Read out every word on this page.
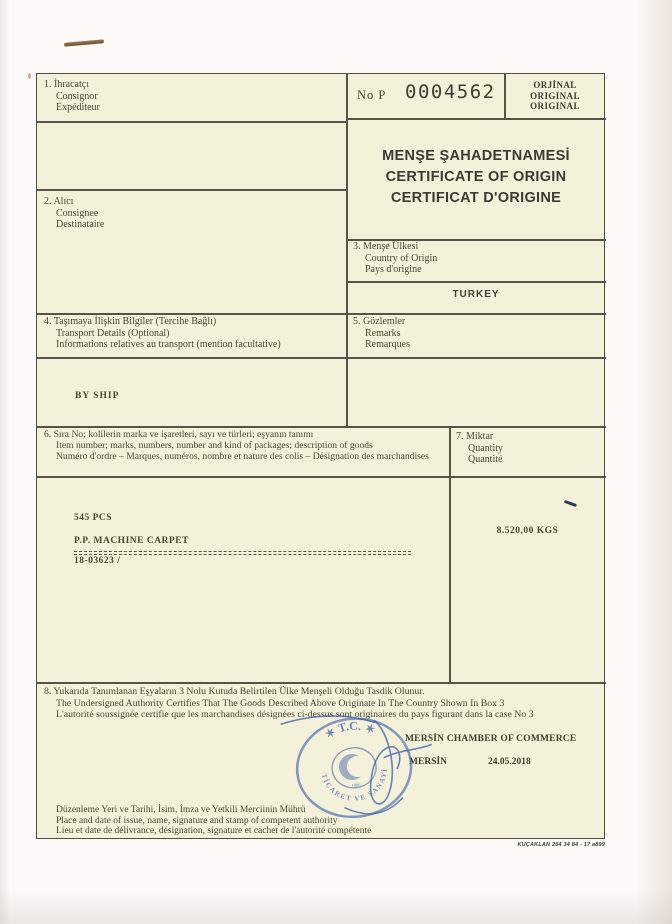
No P 0004562	ORJİNAL
ORIGINAL
ORIGINAL
MENŞE ŞAHADETNAMESİ
CERTIFICATE OF ORIGIN
CERTIFICAT D'ORIGINE
1. İhracatçı
Consignor
Expéditeur
2. Alıcı
Consignee
Destinataire
3. Menşe Ülkesi
Country of Origin
Pays d'origine
TURKEY
4. Taşımaya İlişkin Bilgiler (Tercihe Bağlı)
Transport Details (Optional)
Informations relatives au transport (mention facultative)
BY SHIP
5. Gözlemler
Remarks
Remarques
6. Sıra No; kolilerin marka ve işaretleri, sayı ve türleri; eşyanın tanımı
Item number; marks, numbers, number and kind of packages; description of goods
Numéro d'ordre – Marques, numéros, nombre et nature des colis – Désignation des marchandises
545 PCS
P.P. MACHINE CARPET
18-03623 /
7. Miktar
Quantity
Quantité
8.520,00 KGS
8. Yukarıda Tanımlanan Eşyaların 3 Nolu Kutuda Belirtilen Ülke Menşeli Olduğu Tasdik Olunur.
The Undersigned Authority Certifies That The Goods Described Above Originate In The Country Shown In Box 3
L'autorité soussignée certifie que les marchandises désignées ci-dessus sont originaires du pays figurant dans la case No 3
MERSİN CHAMBER OF COMMERCE
MERSİN	24.05.2018
Düzenleme Yeri ve Tarihi, İsim, İmza ve Yetkili Merciinin Mührü
Place and date of issue, name, signature and stamp of competent authority
Lieu et date de délivrance, désignation, signature et cachet de l'autorité compétente
✶ T.C. ✶
TİCARET VE SANAYİ
1886
KUÇAKLAN 264 34 84 - 17 a899
